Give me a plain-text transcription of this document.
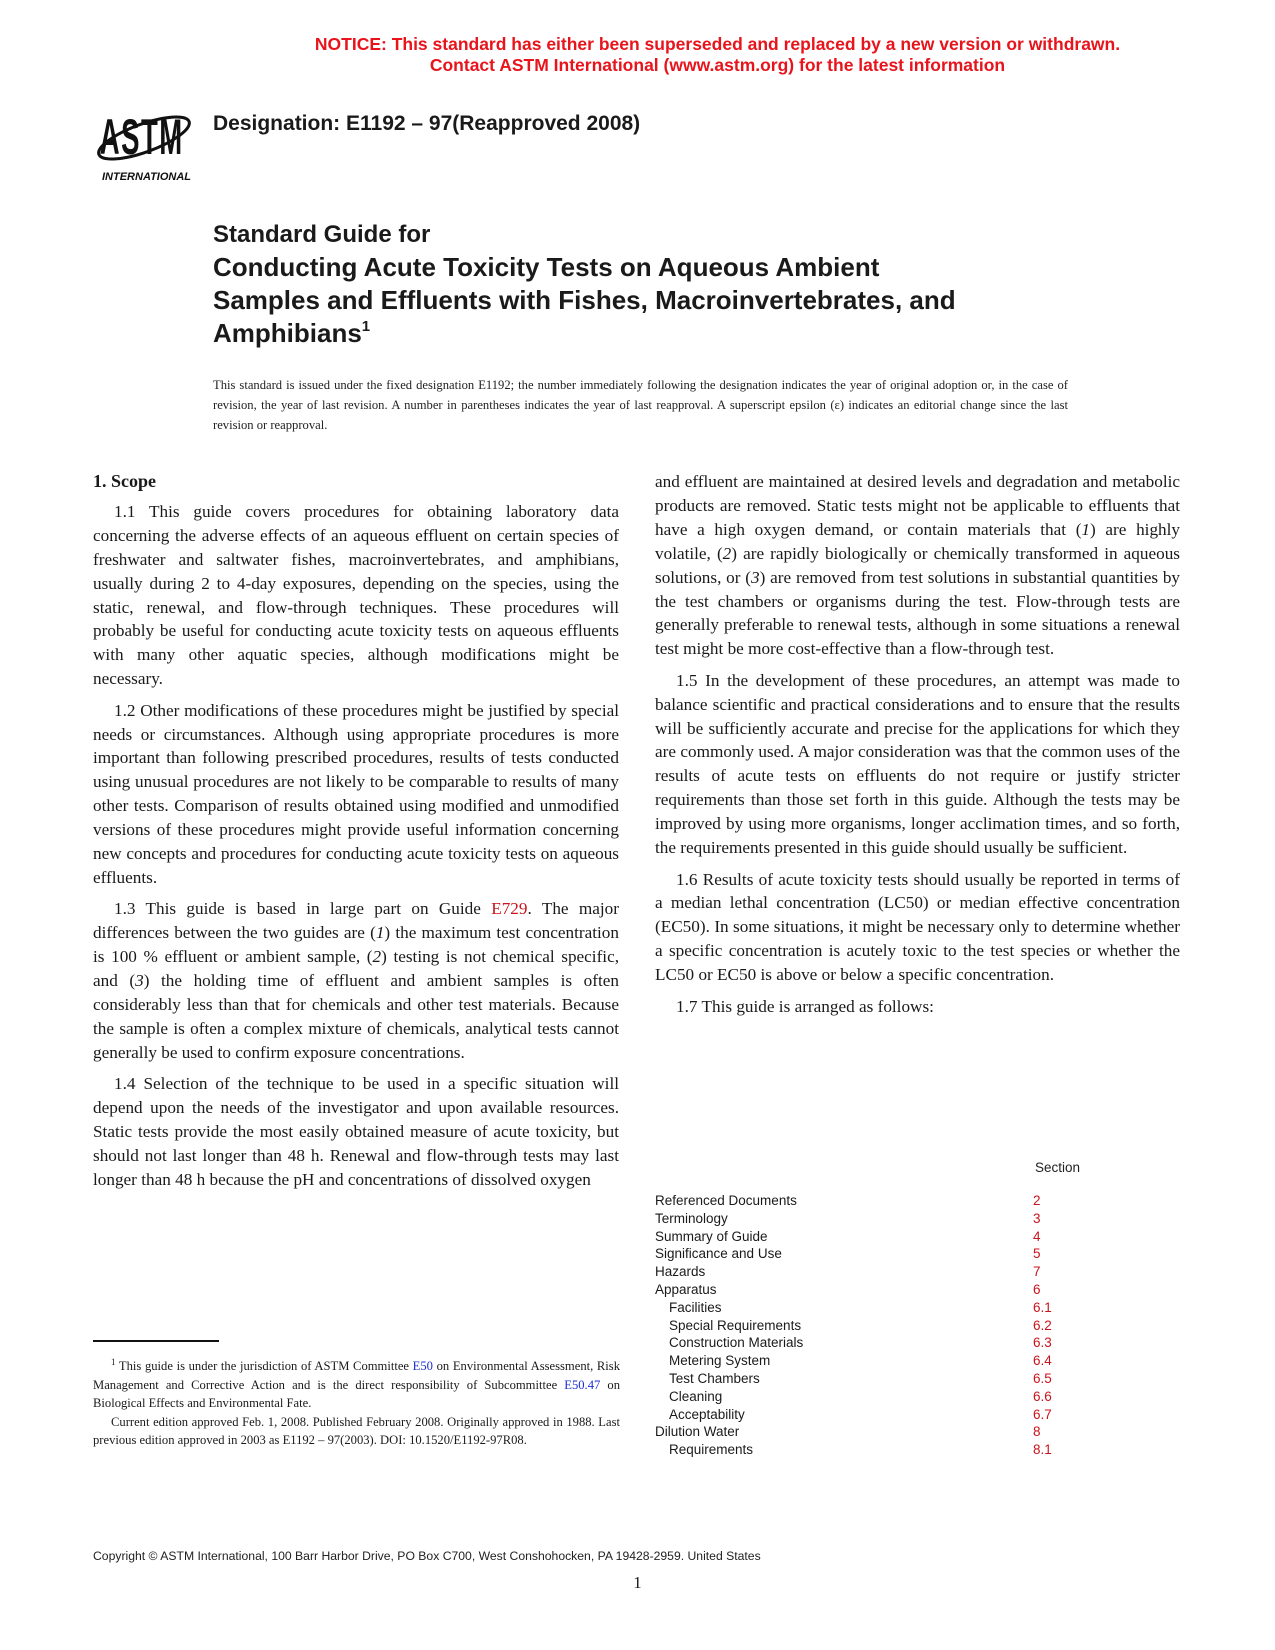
NOTICE: This standard has either been superseded and replaced by a new version or withdrawn.
Contact ASTM International (www.astm.org) for the latest information
ASTM
INTERNATIONAL
Designation: E1192 – 97(Reapproved 2008)
Standard Guide for
Conducting Acute Toxicity Tests on Aqueous Ambient
Samples and Effluents with Fishes, Macroinvertebrates, and
Amphibians$^1$
This standard is issued under the fixed designation E1192; the number immediately following the designation indicates the year of original adoption or, in the case of revision, the year of last revision. A number in parentheses indicates the year of last reapproval. A superscript epsilon (ε) indicates an editorial change since the last revision or reapproval.
1. Scope

1.1 This guide covers procedures for obtaining laboratory data concerning the adverse effects of an aqueous effluent on certain species of freshwater and saltwater fishes, macroinvertebrates, and amphibians, usually during 2 to 4-day exposures, depending on the species, using the static, renewal, and flow-through techniques. These procedures will probably be useful for conducting acute toxicity tests on aqueous effluents with many other aquatic species, although modifications might be necessary.

1.2 Other modifications of these procedures might be justified by special needs or circumstances. Although using appropriate procedures is more important than following prescribed procedures, results of tests conducted using unusual procedures are not likely to be comparable to results of many other tests. Comparison of results obtained using modified and unmodified versions of these procedures might provide useful information concerning new concepts and procedures for conducting acute toxicity tests on aqueous effluents.

1.3 This guide is based in large part on Guide E729. The major differences between the two guides are (1) the maximum test concentration is 100 % effluent or ambient sample, (2) testing is not chemical specific, and (3) the holding time of effluent and ambient samples is often considerably less than that for chemicals and other test materials. Because the sample is often a complex mixture of chemicals, analytical tests cannot generally be used to confirm exposure concentrations.

1.4 Selection of the technique to be used in a specific situation will depend upon the needs of the investigator and upon available resources. Static tests provide the most easily obtained measure of acute toxicity, but should not last longer than 48 h. Renewal and flow-through tests may last longer than 48 h because the pH and concentrations of dissolved oxygen

$^1$ This guide is under the jurisdiction of ASTM Committee E50 on Environmental Assessment, Risk Management and Corrective Action and is the direct responsibility of Subcommittee E50.47 on Biological Effects and Environmental Fate.

Current edition approved Feb. 1, 2008. Published February 2008. Originally approved in 1988. Last previous edition approved in 2003 as E1192 – 97(2003). DOI: 10.1520/E1192-97R08.

and effluent are maintained at desired levels and degradation and metabolic products are removed. Static tests might not be applicable to effluents that have a high oxygen demand, or contain materials that (1) are highly volatile, (2) are rapidly biologically or chemically transformed in aqueous solutions, or (3) are removed from test solutions in substantial quantities by the test chambers or organisms during the test. Flow-through tests are generally preferable to renewal tests, although in some situations a renewal test might be more cost-effective than a flow-through test.

1.5 In the development of these procedures, an attempt was made to balance scientific and practical considerations and to ensure that the results will be sufficiently accurate and precise for the applications for which they are commonly used. A major consideration was that the common uses of the results of acute tests on effluents do not require or justify stricter requirements than those set forth in this guide. Although the tests may be improved by using more organisms, longer acclimation times, and so forth, the requirements presented in this guide should usually be sufficient.

1.6 Results of acute toxicity tests should usually be reported in terms of a median lethal concentration (LC50) or median effective concentration (EC50). In some situations, it might be necessary only to determine whether a specific concentration is acutely toxic to the test species or whether the LC50 or EC50 is above or below a specific concentration.

1.7 This guide is arranged as follows:

Section
Referenced Documents	2
Terminology	3
Summary of Guide	4
Significance and Use	5
Hazards	7
Apparatus	6
Facilities	6.1
Special Requirements	6.2
Construction Materials	6.3
Metering System	6.4
Test Chambers	6.5
Cleaning	6.6
Acceptability	6.7
Dilution Water	8
Requirements	8.1
Copyright © ASTM International, 100 Barr Harbor Drive, PO Box C700, West Conshohocken, PA 19428-2959. United States
1
